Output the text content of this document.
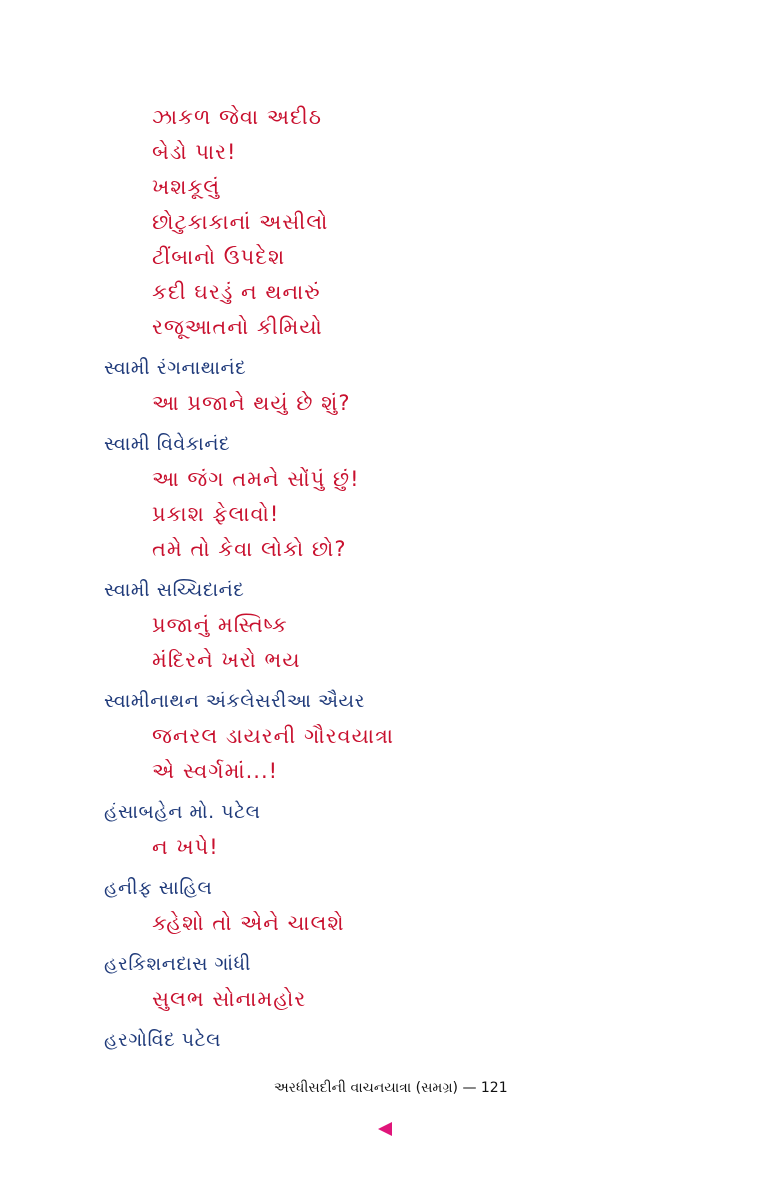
ઝાકળ જેવા અદીઠ
બેડો પાર!
ખશકૂલું
છોટુકાકાનાં અસીલો
ટીંબાનો ઉપદેશ
કદી ઘરડું ન થનારું
રજૂઆતનો કીમિયો
સ્વામી રંગનાથાનંદ
આ પ્રજાને થયું છે શું?
સ્વામી વિવેકાનંદ
આ જંગ તમને સોંપું છું!
પ્રકાશ ફેલાવો!
તમે તો કેવા લોકો છો?
સ્વામી સચ્ચિદાનંદ
પ્રજાનું મસ્તિષ્ક
મંદિરને ખરો ભય
સ્વામીનાથન અંકલેસરીઆ ઐયર
જનરલ ડાયરની ગૌરવયાત્રા
એ સ્વર્ગમાં...!
હંસાબહેન મો. પટેલ
ન ખપે!
હનીફ સાહિલ
ક્હેશો તો એને ચાલશે
હરકિશનદાસ ગાંધી
સુલભ સોનામહોર
હરગોવિંદ પટેલ
અરધીસદીની વાચનયાત્રા (સમગ્ર) — 121
